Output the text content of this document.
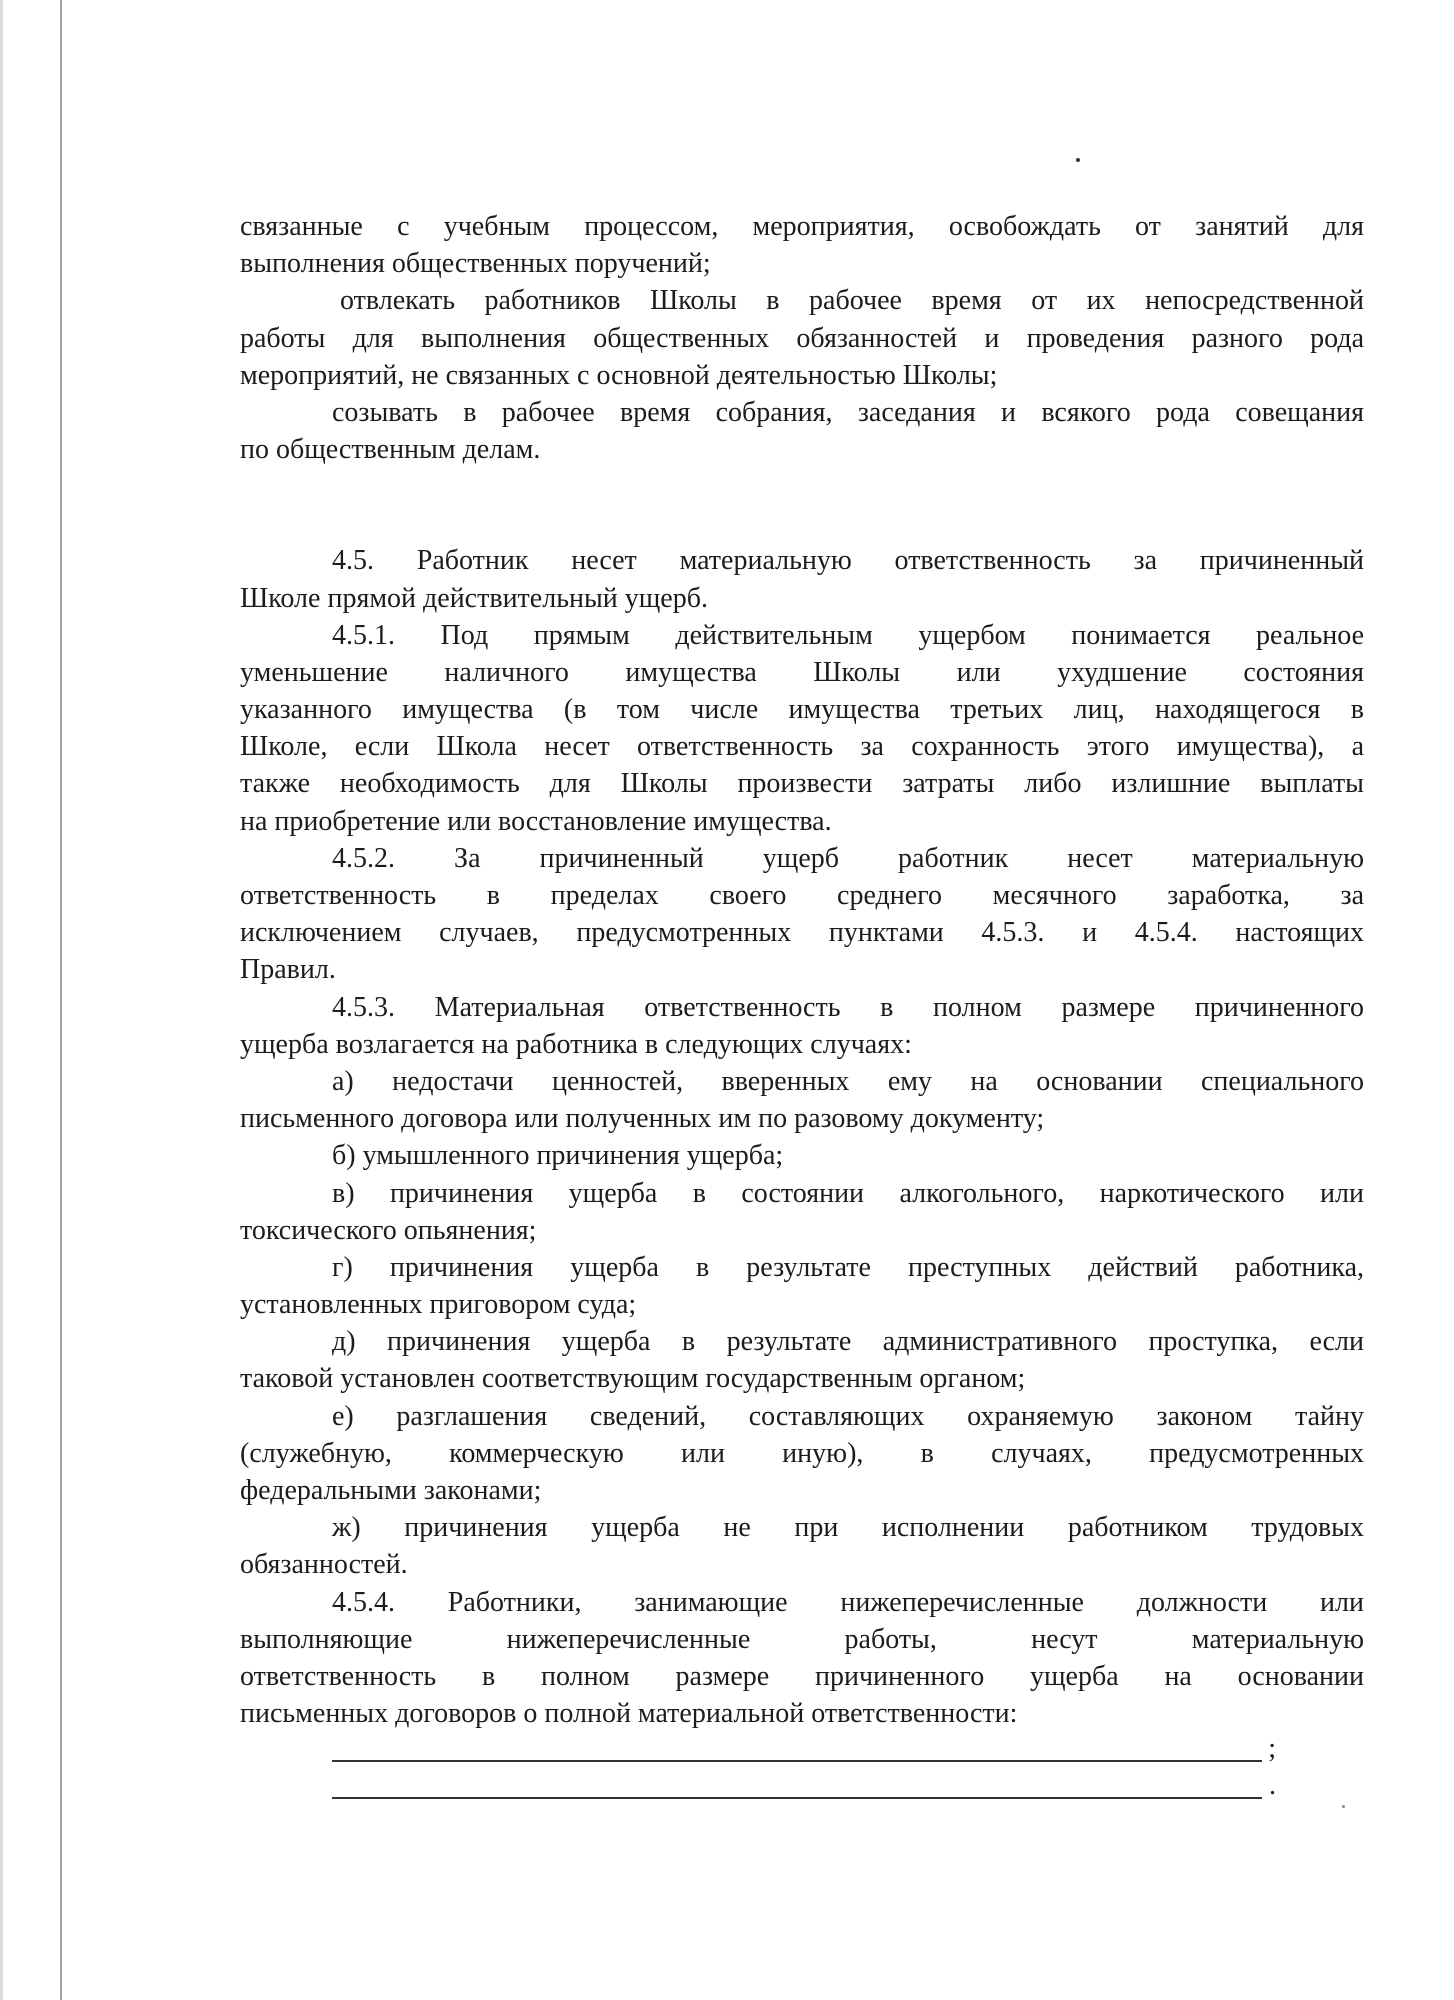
связанные с учебным процессом, мероприятия, освобождать от занятий для
выполнения общественных поручений;
отвлекать работников Школы в рабочее время от их непосредственной
работы для выполнения общественных обязанностей и проведения разного рода
мероприятий, не связанных с основной деятельностью Школы;
созывать в рабочее время собрания, заседания и всякого рода совещания
по общественным делам.
4.5. Работник несет материальную ответственность за причиненный
Школе прямой действительный ущерб.
4.5.1. Под прямым действительным ущербом понимается реальное
уменьшение наличного имущества Школы или ухудшение состояния
указанного имущества (в том числе имущества третьих лиц, находящегося в
Школе, если Школа несет ответственность за сохранность этого имущества), а
также необходимость для Школы произвести затраты либо излишние выплаты
на приобретение или восстановление имущества.
4.5.2. За причиненный ущерб работник несет материальную
ответственность в пределах своего среднего месячного заработка, за
исключением случаев, предусмотренных пунктами 4.5.3. и 4.5.4. настоящих
Правил.
4.5.3. Материальная ответственность в полном размере причиненного
ущерба возлагается на работника в следующих случаях:
а) недостачи ценностей, вверенных ему на основании специального
письменного договора или полученных им по разовому документу;
б) умышленного причинения ущерба;
в) причинения ущерба в состоянии алкогольного, наркотического или
токсического опьянения;
г) причинения ущерба в результате преступных действий работника,
установленных приговором суда;
д) причинения ущерба в результате административного проступка, если
таковой установлен соответствующим государственным органом;
е) разглашения сведений, составляющих охраняемую законом тайну
(служебную, коммерческую или иную), в случаях, предусмотренных
федеральными законами;
ж) причинения ущерба не при исполнении работником трудовых
обязанностей.
4.5.4. Работники, занимающие нижеперечисленные должности или
выполняющие нижеперечисленные работы, несут материальную
ответственность в полном размере причиненного ущерба на основании
письменных договоров о полной материальной ответственности:
;
.
